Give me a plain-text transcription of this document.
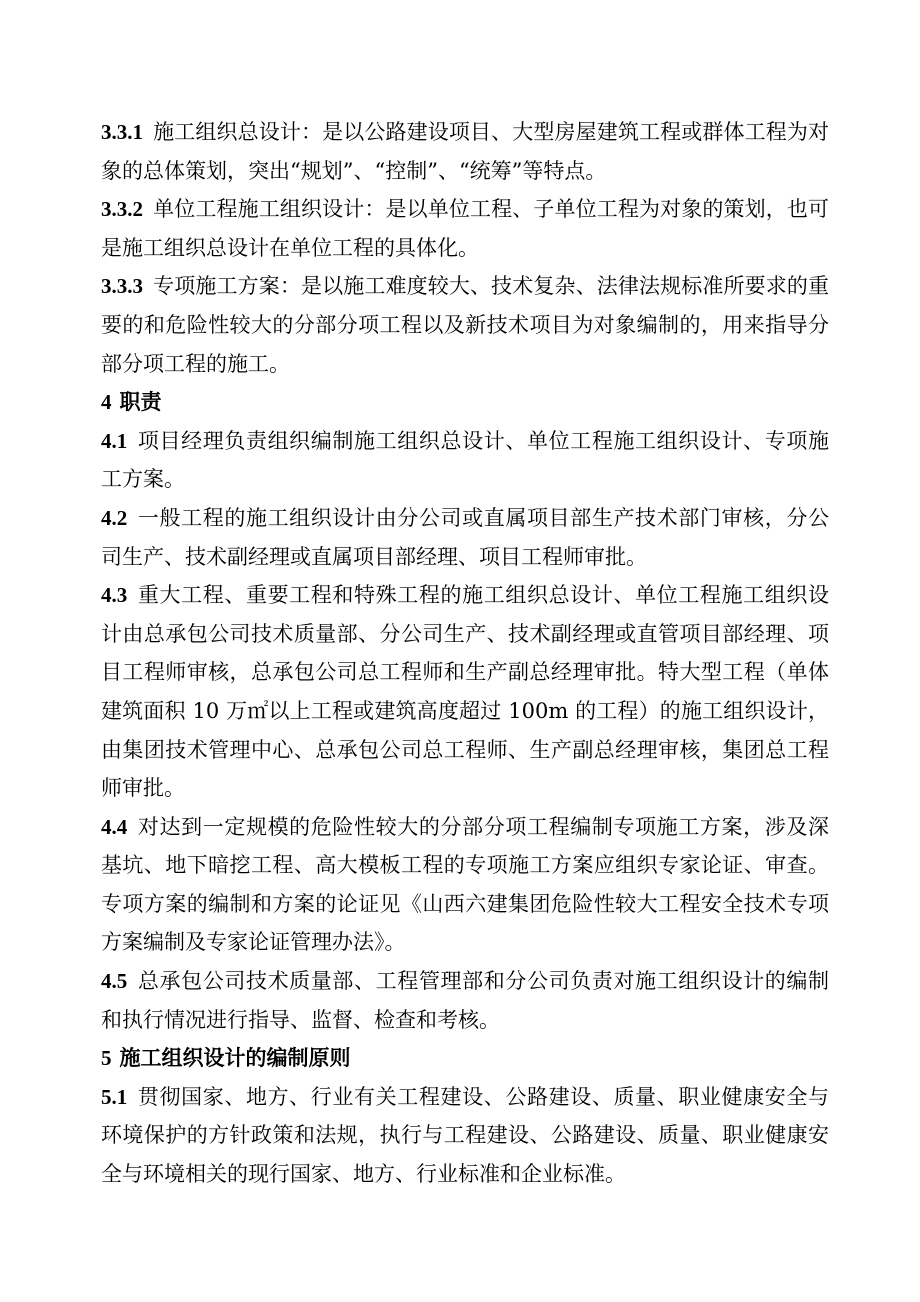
3.3.1 施工组织总设计：是以公路建设项目、大型房屋建筑工程或群体工程为对象的总体策划，突出“规划”、“控制”、“统筹”等特点。

3.3.2 单位工程施工组织设计：是以单位工程、子单位工程为对象的策划，也可是施工组织总设计在单位工程的具体化。

3.3.3 专项施工方案：是以施工难度较大、技术复杂、法律法规标准所要求的重要的和危险性较大的分部分项工程以及新技术项目为对象编制的，用来指导分部分项工程的施工。

4 职责

4.1 项目经理负责组织编制施工组织总设计、单位工程施工组织设计、专项施工方案。

4.2 一般工程的施工组织设计由分公司或直属项目部生产技术部门审核，分公司生产、技术副经理或直属项目部经理、项目工程师审批。

4.3 重大工程、重要工程和特殊工程的施工组织总设计、单位工程施工组织设计由总承包公司技术质量部、分公司生产、技术副经理或直管项目部经理、项目工程师审核，总承包公司总工程师和生产副总经理审批。特大型工程（单体建筑面积 10 万㎡以上工程或建筑高度超过 100m 的工程）的施工组织设计，由集团技术管理中心、总承包公司总工程师、生产副总经理审核，集团总工程师审批。

4.4 对达到一定规模的危险性较大的分部分项工程编制专项施工方案，涉及深基坑、地下暗挖工程、高大模板工程的专项施工方案应组织专家论证、审查。专项方案的编制和方案的论证见《山西六建集团危险性较大工程安全技术专项方案编制及专家论证管理办法》。

4.5 总承包公司技术质量部、工程管理部和分公司负责对施工组织设计的编制和执行情况进行指导、监督、检查和考核。

5 施工组织设计的编制原则

5.1 贯彻国家、地方、行业有关工程建设、公路建设、质量、职业健康安全与环境保护的方针政策和法规，执行与工程建设、公路建设、质量、职业健康安全与环境相关的现行国家、地方、行业标准和企业标准。
